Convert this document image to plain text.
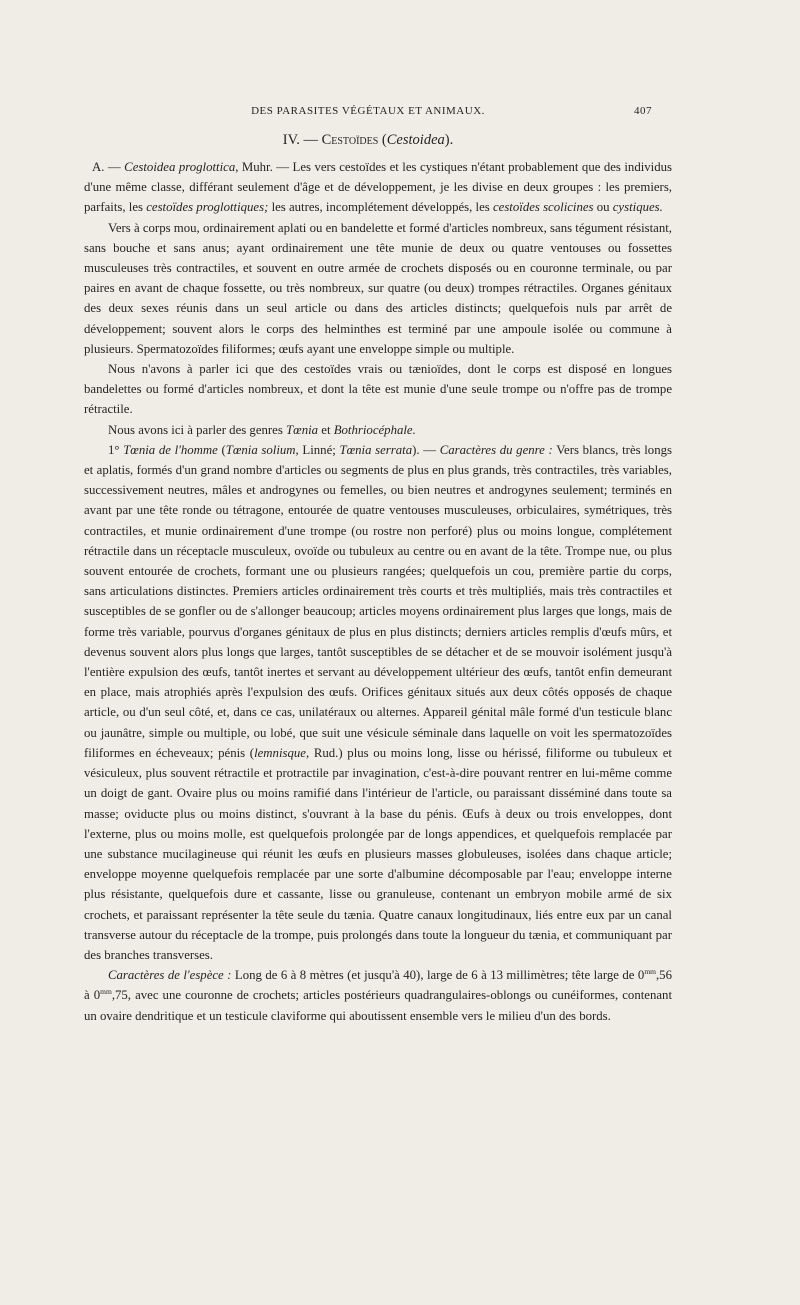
DES PARASITES VÉGÉTAUX ET ANIMAUX.	407
IV. — Cestoïdes (Cestoidea).

A. — Cestoidea proglottica, Muhr. — Les vers cestoïdes et les cystiques n'étant probablement que des individus d'une même classe, différant seulement d'âge et de développement, je les divise en deux groupes : les premiers, parfaits, les cestoïdes proglottiques; les autres, incomplétement développés, les cestoïdes scolicines ou cystiques.

Vers à corps mou, ordinairement aplati ou en bandelette et formé d'articles nombreux, sans tégument résistant, sans bouche et sans anus; ayant ordinairement une tête munie de deux ou quatre ventouses ou fossettes musculeuses très contractiles, et souvent en outre armée de crochets disposés ou en couronne terminale, ou par paires en avant de chaque fossette, ou très nombreux, sur quatre (ou deux) trompes rétractiles. Organes génitaux des deux sexes réunis dans un seul article ou dans des articles distincts; quelquefois nuls par arrêt de développement; souvent alors le corps des helminthes est terminé par une ampoule isolée ou commune à plusieurs. Spermatozoïdes filiformes; œufs ayant une enveloppe simple ou multiple.

Nous n'avons à parler ici que des cestoïdes vrais ou tænioïdes, dont le corps est disposé en longues bandelettes ou formé d'articles nombreux, et dont la tête est munie d'une seule trompe ou n'offre pas de trompe rétractile.

Nous avons ici à parler des genres Tœnia et Bothriocéphale.

1° Tœnia de l'homme (Tœnia solium, Linné; Tœnia serrata). — Caractères du genre : Vers blancs, très longs et aplatis, formés d'un grand nombre d'articles ou segments de plus en plus grands, très contractiles, très variables, successivement neutres, mâles et androgynes ou femelles, ou bien neutres et androgynes seulement; terminés en avant par une tête ronde ou tétragone, entourée de quatre ventouses musculeuses, orbiculaires, symétriques, très contractiles, et munie ordinairement d'une trompe (ou rostre non perforé) plus ou moins longue, complétement rétractile dans un réceptacle musculeux, ovoïde ou tubuleux au centre ou en avant de la tête. Trompe nue, ou plus souvent entourée de crochets, formant une ou plusieurs rangées; quelquefois un cou, première partie du corps, sans articulations distinctes. Premiers articles ordinairement très courts et très multipliés, mais très contractiles et susceptibles de se gonfler ou de s'allonger beaucoup; articles moyens ordinairement plus larges que longs, mais de forme très variable, pourvus d'organes génitaux de plus en plus distincts; derniers articles remplis d'œufs mûrs, et devenus souvent alors plus longs que larges, tantôt susceptibles de se détacher et de se mouvoir isolément jusqu'à l'entière expulsion des œufs, tantôt inertes et servant au développement ultérieur des œufs, tantôt enfin demeurant en place, mais atrophiés après l'expulsion des œufs. Orifices génitaux situés aux deux côtés opposés de chaque article, ou d'un seul côté, et, dans ce cas, unilatéraux ou alternes. Appareil génital mâle formé d'un testicule blanc ou jaunâtre, simple ou multiple, ou lobé, que suit une vésicule séminale dans laquelle on voit les spermatozoïdes filiformes en écheveaux; pénis (lemnisque, Rud.) plus ou moins long, lisse ou hérissé, filiforme ou tubuleux et vésiculeux, plus souvent rétractile et protractile par invagination, c'est-à-dire pouvant rentrer en lui-même comme un doigt de gant. Ovaire plus ou moins ramifié dans l'intérieur de l'article, ou paraissant disséminé dans toute sa masse; oviducte plus ou moins distinct, s'ouvrant à la base du pénis. Œufs à deux ou trois enveloppes, dont l'externe, plus ou moins molle, est quelquefois prolongée par de longs appendices, et quelquefois remplacée par une substance mucilagineuse qui réunit les œufs en plusieurs masses globuleuses, isolées dans chaque article; enveloppe moyenne quelquefois remplacée par une sorte d'albumine décomposable par l'eau; enveloppe interne plus résistante, quelquefois dure et cassante, lisse ou granuleuse, contenant un embryon mobile armé de six crochets, et paraissant représenter la tête seule du tænia. Quatre canaux longitudinaux, liés entre eux par un canal transverse autour du réceptacle de la trompe, puis prolongés dans toute la longueur du tænia, et communiquant par des branches transverses.

Caractères de l'espèce : Long de 6 à 8 mètres (et jusqu'à 40), large de 6 à 13 millimètres; tête large de $0^{mm},56$ à $0^{mm},75$, avec une couronne de crochets; articles postérieurs quadrangulaires-oblongs ou cunéiformes, contenant un ovaire dendritique et un testicule claviforme qui aboutissent ensemble vers le milieu d'un des bords.
